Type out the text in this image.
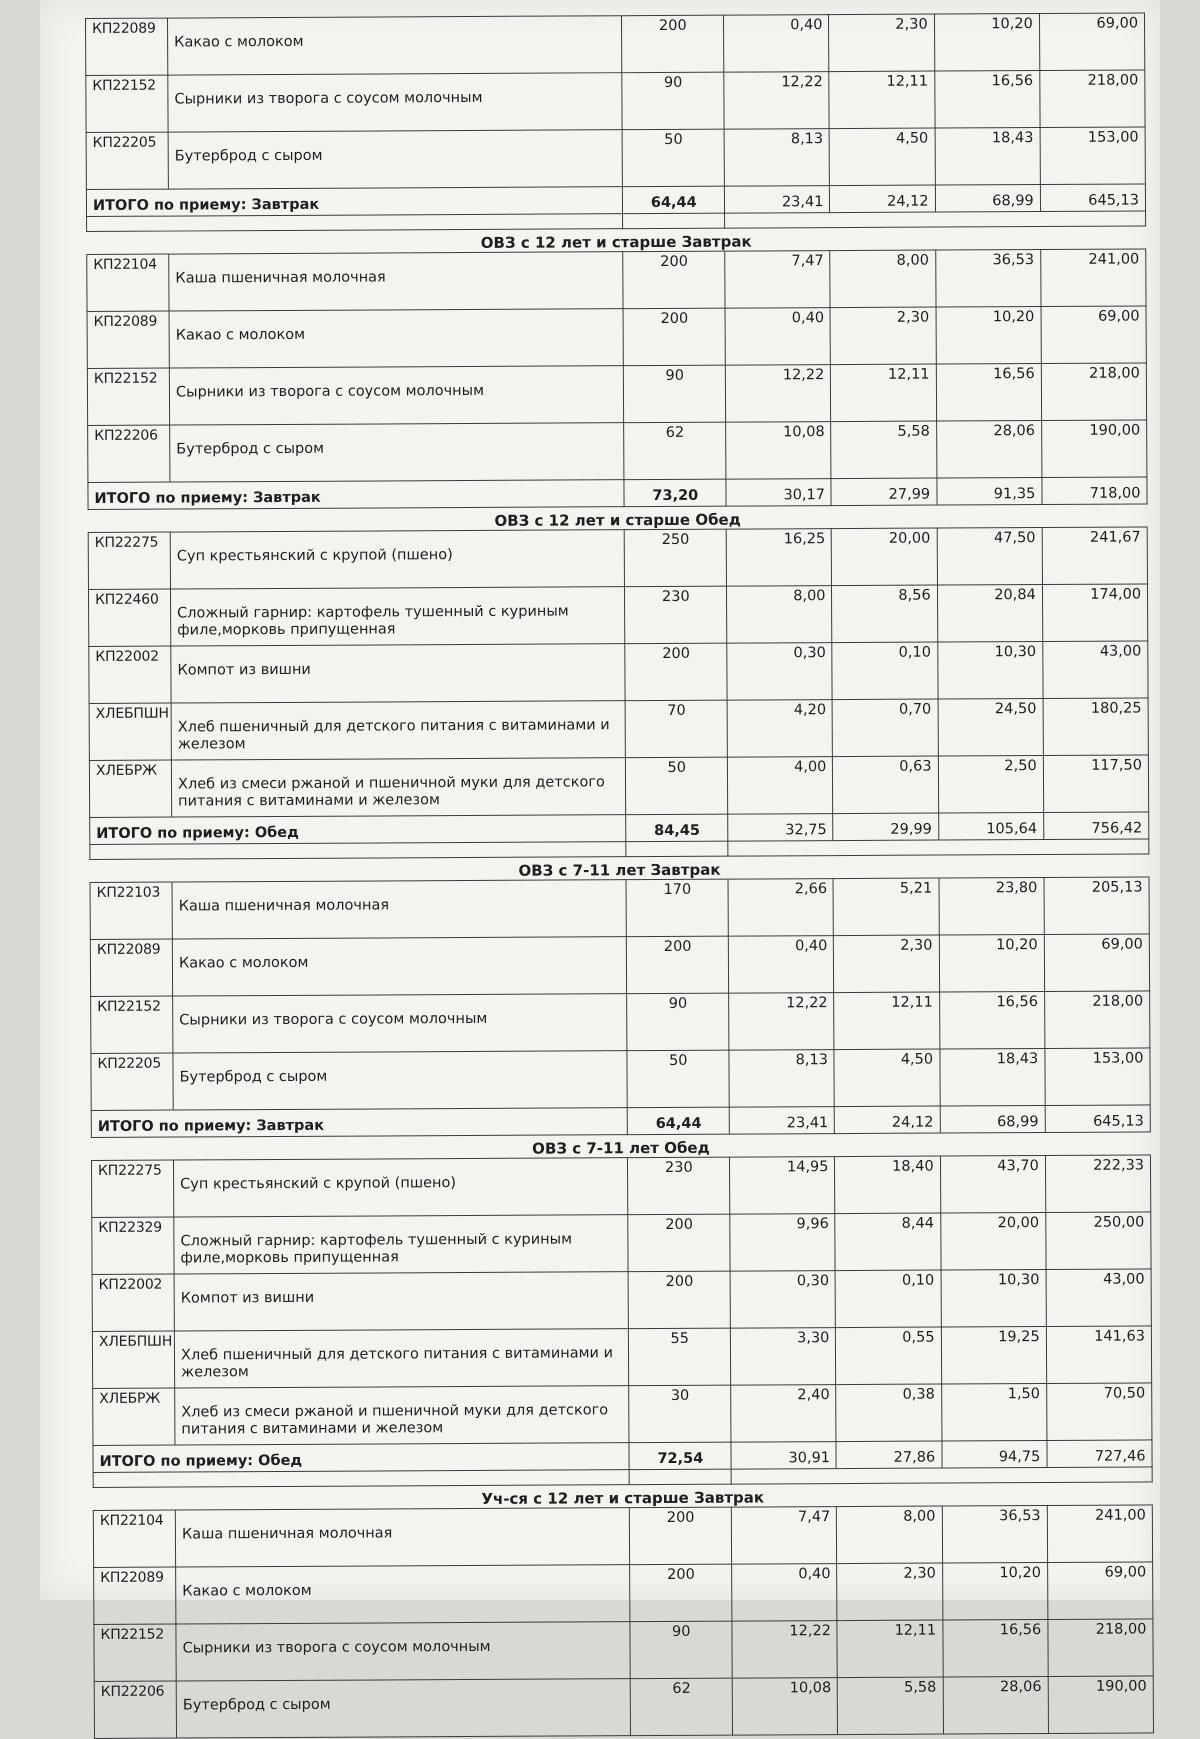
КП22089	Какао с молоком	200	0,40	2,30	10,20	69,00
КП22152	Сырники из творога с соусом молочным	90	12,22	12,11	16,56	218,00
КП22205	Бутерброд с сыром	50	8,13	4,50	18,43	153,00
ИТОГО по приему: Завтрак		64,44	23,41	24,12	68,99	645,13

ОВЗ с 12 лет и старше Завтрак						
КП22104	Каша пшеничная молочная	200	7,47	8,00	36,53	241,00
КП22089	Какао с молоком	200	0,40	2,30	10,20	69,00
КП22152	Сырники из творога с соусом молочным	90	12,22	12,11	16,56	218,00
КП22206	Бутерброд с сыром	62	10,08	5,58	28,06	190,00
ИТОГО по приему: Завтрак		73,20	30,17	27,99	91,35	718,00
ОВЗ с 12 лет и старше Обед						
КП22275	Суп крестьянский с крупой (пшено)	250	16,25	20,00	47,50	241,67
КП22460	Сложный гарнир: картофель тушенный с куриным филе,морковь припущенная	230	8,00	8,56	20,84	174,00
КП22002	Компот из вишни	200	0,30	0,10	10,30	43,00
ХЛЕБПШН	Хлеб пшеничный для детского питания с витаминами и железом	70	4,20	0,70	24,50	180,25
ХЛЕБРЖ	Хлеб из смеси ржаной и пшеничной муки для детского питания с витаминами и железом	50	4,00	0,63	2,50	117,50
ИТОГО по приему: Обед		84,45	32,75	29,99	105,64	756,42

ОВЗ с 7-11 лет Завтрак						
КП22103	Каша пшеничная молочная	170	2,66	5,21	23,80	205,13
КП22089	Какао с молоком	200	0,40	2,30	10,20	69,00
КП22152	Сырники из творога с соусом молочным	90	12,22	12,11	16,56	218,00
КП22205	Бутерброд с сыром	50	8,13	4,50	18,43	153,00
ИТОГО по приему: Завтрак		64,44	23,41	24,12	68,99	645,13
ОВЗ с 7-11 лет Обед						
КП22275	Суп крестьянский с крупой (пшено)	230	14,95	18,40	43,70	222,33
КП22329	Сложный гарнир: картофель тушенный с куриным филе,морковь припущенная	200	9,96	8,44	20,00	250,00
КП22002	Компот из вишни	200	0,30	0,10	10,30	43,00
ХЛЕБПШН	Хлеб пшеничный для детского питания с витаминами и железом	55	3,30	0,55	19,25	141,63
ХЛЕБРЖ	Хлеб из смеси ржаной и пшеничной муки для детского питания с витаминами и железом	30	2,40	0,38	1,50	70,50
ИТОГО по приему: Обед		72,54	30,91	27,86	94,75	727,46

Уч-ся с 12 лет и старше Завтрак						
КП22104	Каша пшеничная молочная	200	7,47	8,00	36,53	241,00
КП22089	Какао с молоком	200	0,40	2,30	10,20	69,00
КП22152	Сырники из творога с соусом молочным	90	12,22	12,11	16,56	218,00
КП22206	Бутерброд с сыром	62	10,08	5,58	28,06	190,00
